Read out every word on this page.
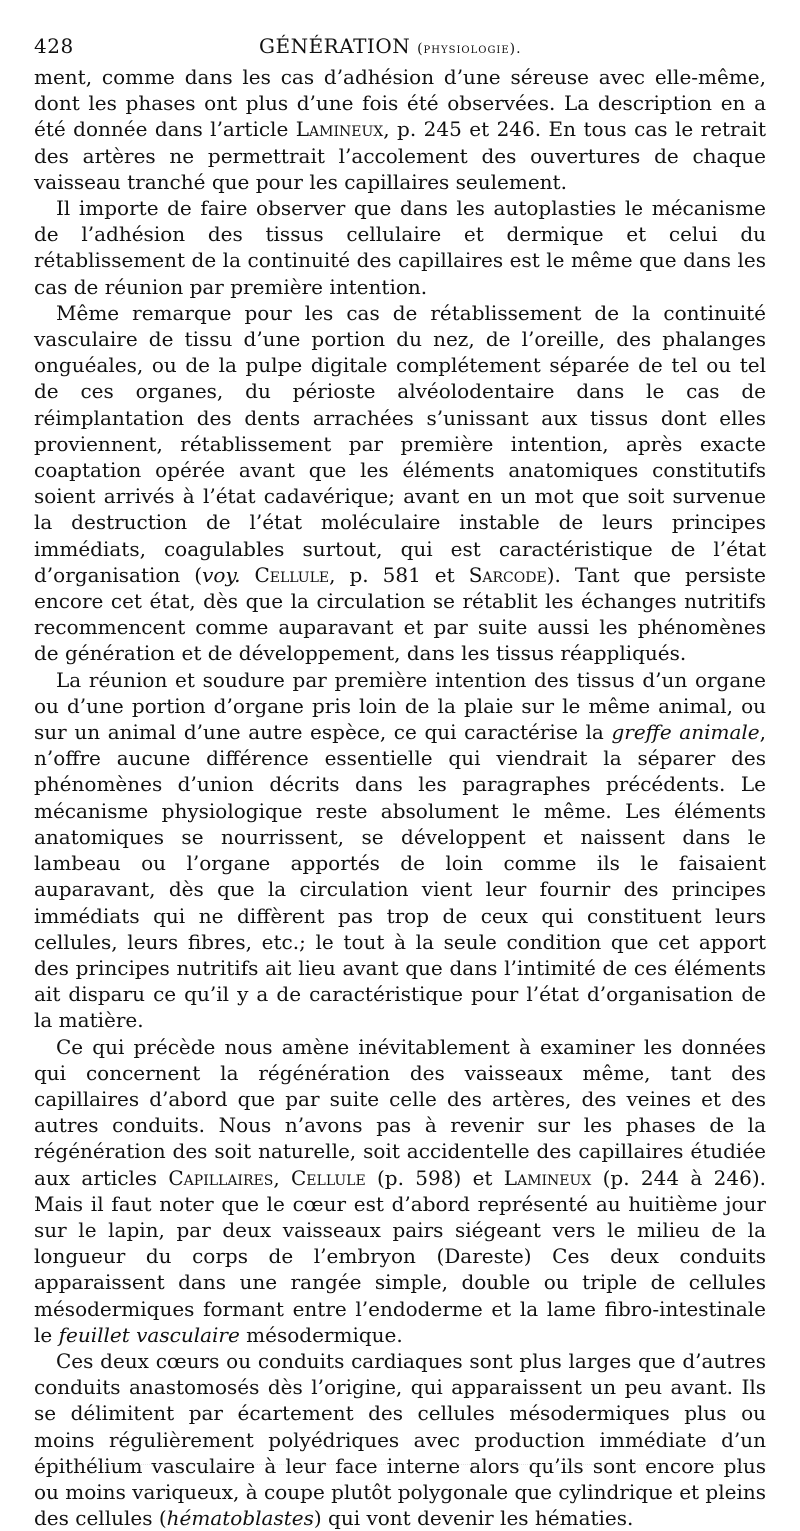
428	GÉNÉRATION (physiologie).

ment, comme dans les cas d’adhésion d’une séreuse avec elle-même, dont les phases ont plus d’une fois été observées. La description en a été donnée dans l’article Lamineux, p. 245 et 246. En tous cas le retrait des artères ne permettrait l’accolement des ouvertures de chaque vaisseau tranché que pour les capillaires seulement.

Il importe de faire observer que dans les autoplasties le mécanisme de l’adhésion des tissus cellulaire et dermique et celui du rétablissement de la continuité des capillaires est le même que dans les cas de réunion par première intention.

Même remarque pour les cas de rétablissement de la continuité vasculaire de tissu d’une portion du nez, de l’oreille, des phalanges onguéales, ou de la pulpe digitale complétement séparée de tel ou tel de ces organes, du périoste alvéolodentaire dans le cas de réimplantation des dents arrachées s’unissant aux tissus dont elles proviennent, rétablissement par première intention, après exacte coaptation opérée avant que les éléments anatomiques constitutifs soient arrivés à l’état cadavérique; avant en un mot que soit survenue la destruction de l’état moléculaire instable de leurs principes immédiats, coagulables surtout, qui est caractéristique de l’état d’organisation (voy. Cellule, p. 581 et Sarcode). Tant que persiste encore cet état, dès que la circulation se rétablit les échanges nutritifs recommencent comme auparavant et par suite aussi les phénomènes de génération et de développement, dans les tissus réappliqués.

La réunion et soudure par première intention des tissus d’un organe ou d’une portion d’organe pris loin de la plaie sur le même animal, ou sur un animal d’une autre espèce, ce qui caractérise la greffe animale, n’offre aucune différence essentielle qui viendrait la séparer des phénomènes d’union décrits dans les paragraphes précédents. Le mécanisme physiologique reste absolument le même. Les éléments anatomiques se nourrissent, se développent et naissent dans le lambeau ou l’organe apportés de loin comme ils le faisaient auparavant, dès que la circulation vient leur fournir des principes immédiats qui ne diffèrent pas trop de ceux qui constituent leurs cellules, leurs fibres, etc.; le tout à la seule condition que cet apport des principes nutritifs ait lieu avant que dans l’intimité de ces éléments ait disparu ce qu’il y a de caractéristique pour l’état d’organisation de la matière.

Ce qui précède nous amène inévitablement à examiner les données qui concernent la régénération des vaisseaux même, tant des capillaires d’abord que par suite celle des artères, des veines et des autres conduits. Nous n’avons pas à revenir sur les phases de la régénération des soit naturelle, soit accidentelle des capillaires étudiée aux articles Capillaires, Cellule (p. 598) et Lamineux (p. 244 à 246). Mais il faut noter que le cœur est d’abord représenté au huitième jour sur le lapin, par deux vaisseaux pairs siégeant vers le milieu de la longueur du corps de l’embryon (Dareste) Ces deux conduits apparaissent dans une rangée simple, double ou triple de cellules mésodermiques formant entre l’endoderme et la lame fibro-intestinale le feuillet vasculaire mésodermique.

Ces deux cœurs ou conduits cardiaques sont plus larges que d’autres conduits anastomosés dès l’origine, qui apparaissent un peu avant. Ils se délimitent par écartement des cellules mésodermiques plus ou moins régulièrement polyédriques avec production immédiate d’un épithélium vasculaire à leur face interne alors qu’ils sont encore plus ou moins variqueux, à coupe plutôt polygonale que cylindrique et pleins des cellules (hématoblastes) qui vont devenir les hématies.
